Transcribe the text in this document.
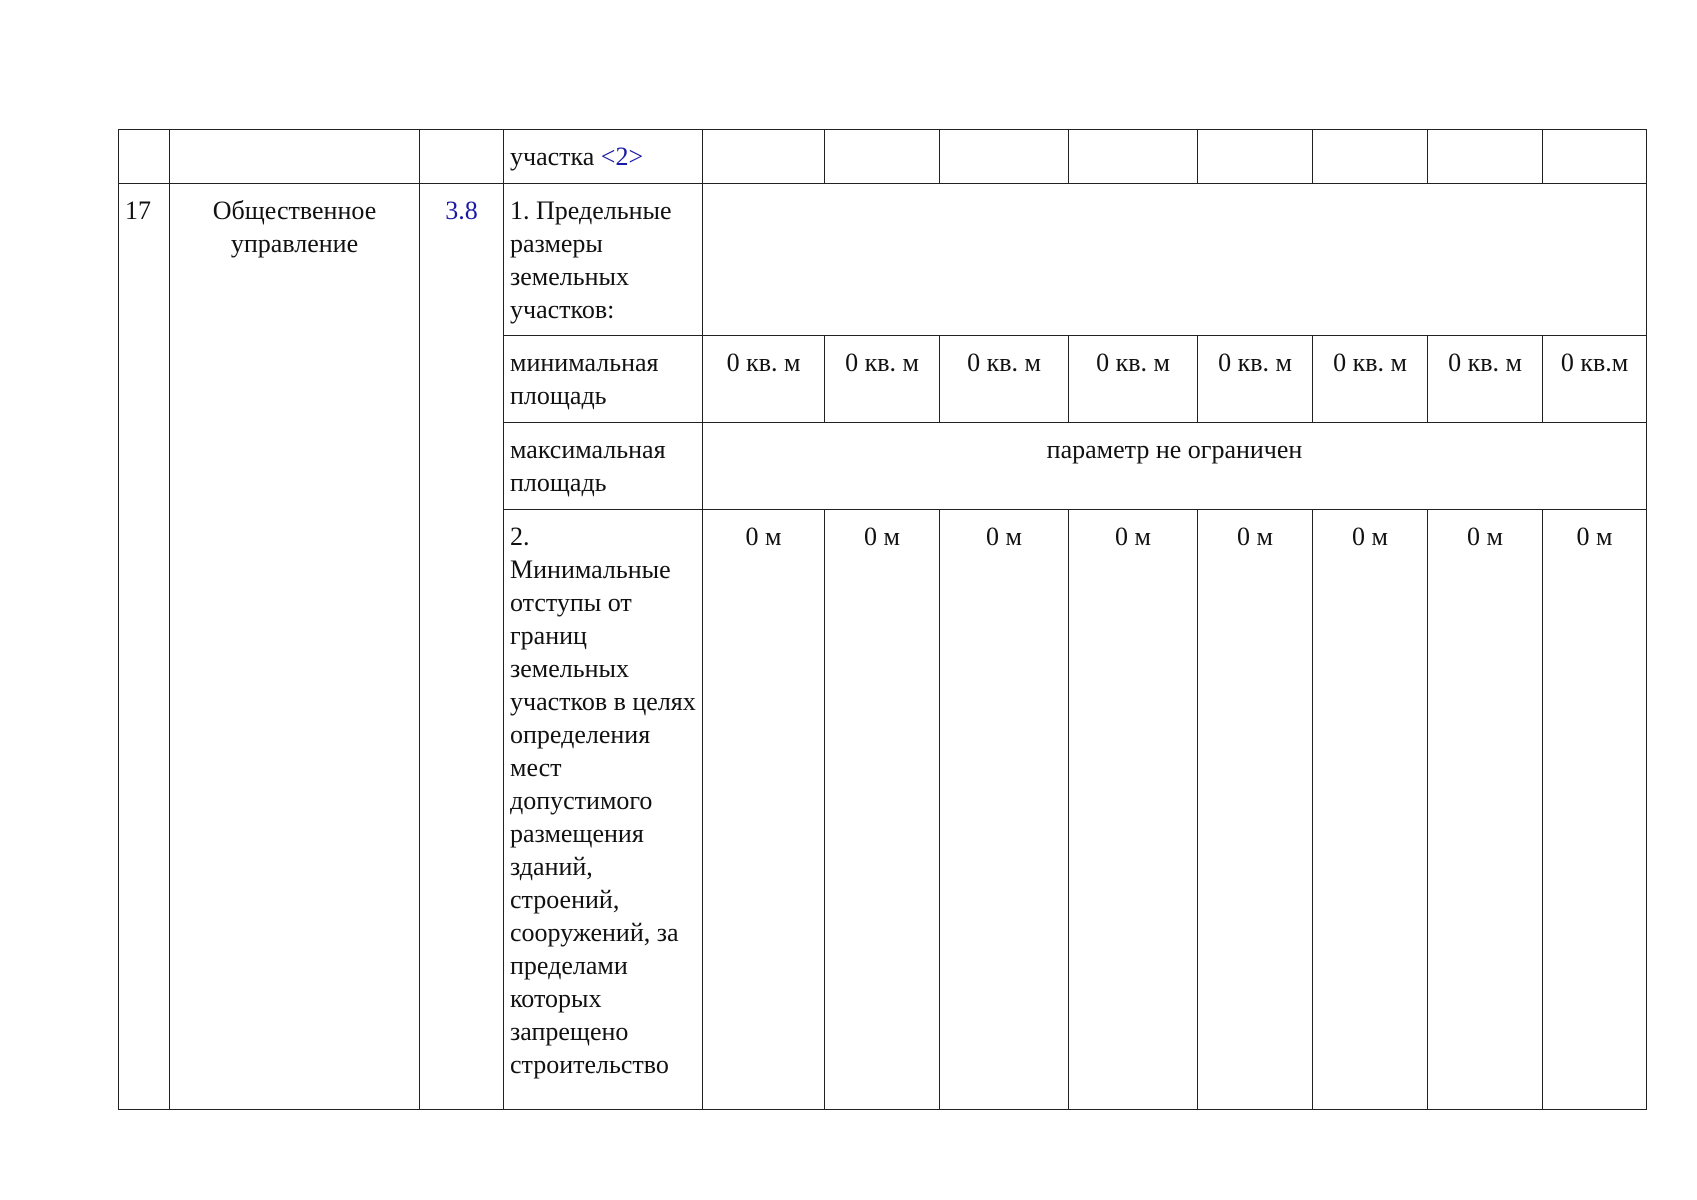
			участка <2>								
17	Общественное управление	3.8	1. Предельные размеры земельных участков:								
			минимальная площадь	0 кв. м	0 кв. м	0 кв. м	0 кв. м	0 кв. м	0 кв. м	0 кв. м	0 кв.м
			максимальная площадь	параметр не ограничен							
			2. Минимальные отступы от границ земельных участков в целях определения мест допустимого размещения зданий, строений, сооружений, за пределами которых запрещено строительство	0 м	0 м	0 м	0 м	0 м	0 м	0 м	0 м
